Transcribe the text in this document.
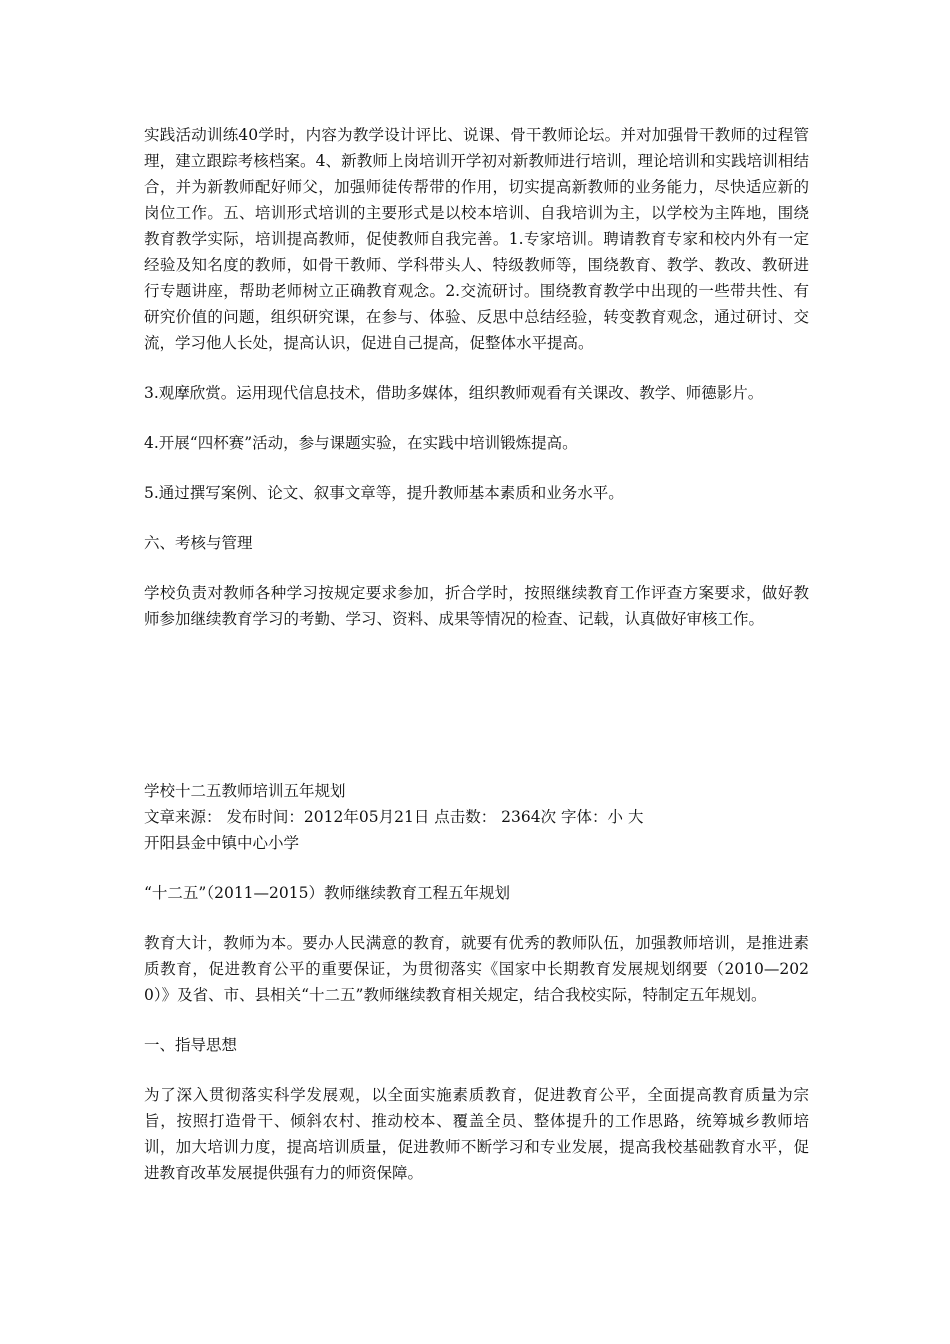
实践活动训练40学时，内容为教学设计评比、说课、骨干教师论坛。并对加强骨干教师的过程管理，建立跟踪考核档案。4、新教师上岗培训开学初对新教师进行培训，理论培训和实践培训相结合，并为新教师配好师父，加强师徒传帮带的作用，切实提高新教师的业务能力，尽快适应新的岗位工作。五、培训形式培训的主要形式是以校本培训、自我培训为主，以学校为主阵地，围绕教育教学实际，培训提高教师，促使教师自我完善。1.专家培训。聘请教育专家和校内外有一定经验及知名度的教师，如骨干教师、学科带头人、特级教师等，围绕教育、教学、教改、教研进行专题讲座，帮助老师树立正确教育观念。2.交流研讨。围绕教育教学中出现的一些带共性、有研究价值的问题，组织研究课，在参与、体验、反思中总结经验，转变教育观念，通过研讨、交流，学习他人长处，提高认识，促进自己提高，促整体水平提高。

3.观摩欣赏。运用现代信息技术，借助多媒体，组织教师观看有关课改、教学、师德影片。

4.开展“四杯赛”活动，参与课题实验，在实践中培训锻炼提高。

5.通过撰写案例、论文、叙事文章等，提升教师基本素质和业务水平。

六、考核与管理

学校负责对教师各种学习按规定要求参加，折合学时，按照继续教育工作评查方案要求，做好教师参加继续教育学习的考勤、学习、资料、成果等情况的检查、记载，认真做好审核工作。

学校十二五教师培训五年规划

文章来源： 发布时间：2012年05月21日 点击数： 2364次 字体：小 大

开阳县金中镇中心小学

“十二五”（2011—2015）教师继续教育工程五年规划

教育大计，教师为本。要办人民满意的教育，就要有优秀的教师队伍，加强教师培训，是推进素质教育，促进教育公平的重要保证，为贯彻落实《国家中长期教育发展规划纲要（2010—2020）》及省、市、县相关“十二五”教师继续教育相关规定，结合我校实际，特制定五年规划。

一、指导思想

为了深入贯彻落实科学发展观，以全面实施素质教育，促进教育公平，全面提高教育质量为宗旨，按照打造骨干、倾斜农村、推动校本、覆盖全员、整体提升的工作思路，统筹城乡教师培训，加大培训力度，提高培训质量，促进教师不断学习和专业发展，提高我校基础教育水平，促进教育改革发展提供强有力的师资保障。
